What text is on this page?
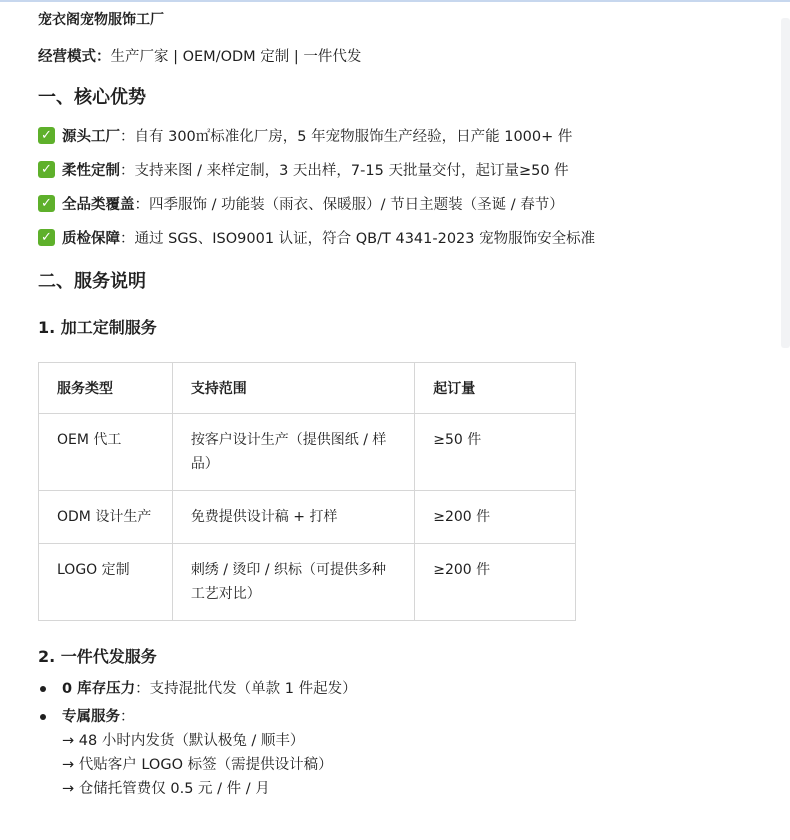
宠衣阁宠物服饰工厂
经营模式：生产厂家 | OEM/ODM 定制 | 一件代发
一、核心优势
✓ 源头工厂 ：自有 300㎡标准化厂房，5 年宠物服饰生产经验，日产能 1000+ 件
✓ 柔性定制 ：支持来图 / 来样定制，3 天出样，7-15 天批量交付，起订量≥50 件
✓ 全品类覆盖 ：四季服饰 / 功能装（雨衣、保暖服）/ 节日主题装（圣诞 / 春节）
✓ 质检保障 ：通过 SGS、ISO9001 认证，符合 QB/T 4341-2023 宠物服饰安全标准
二、服务说明
1. 加工定制服务
服务类型	支持范围	起订量
OEM 代工	按客户设计生产（提供图纸 / 样品）	≥50 件
ODM 设计生产	免费提供设计稿 + 打样	≥200 件
LOGO 定制	刺绣 / 烫印 / 织标（可提供多种工艺对比）	≥200 件
2. 一件代发服务
0 库存压力：支持混批代发（单款 1 件起发）
专属服务：
→ 48 小时内发货（默认极兔 / 顺丰）
→ 代贴客户 LOGO 标签（需提供设计稿）
→ 仓储托管费仅 0.5 元 / 件 / 月
